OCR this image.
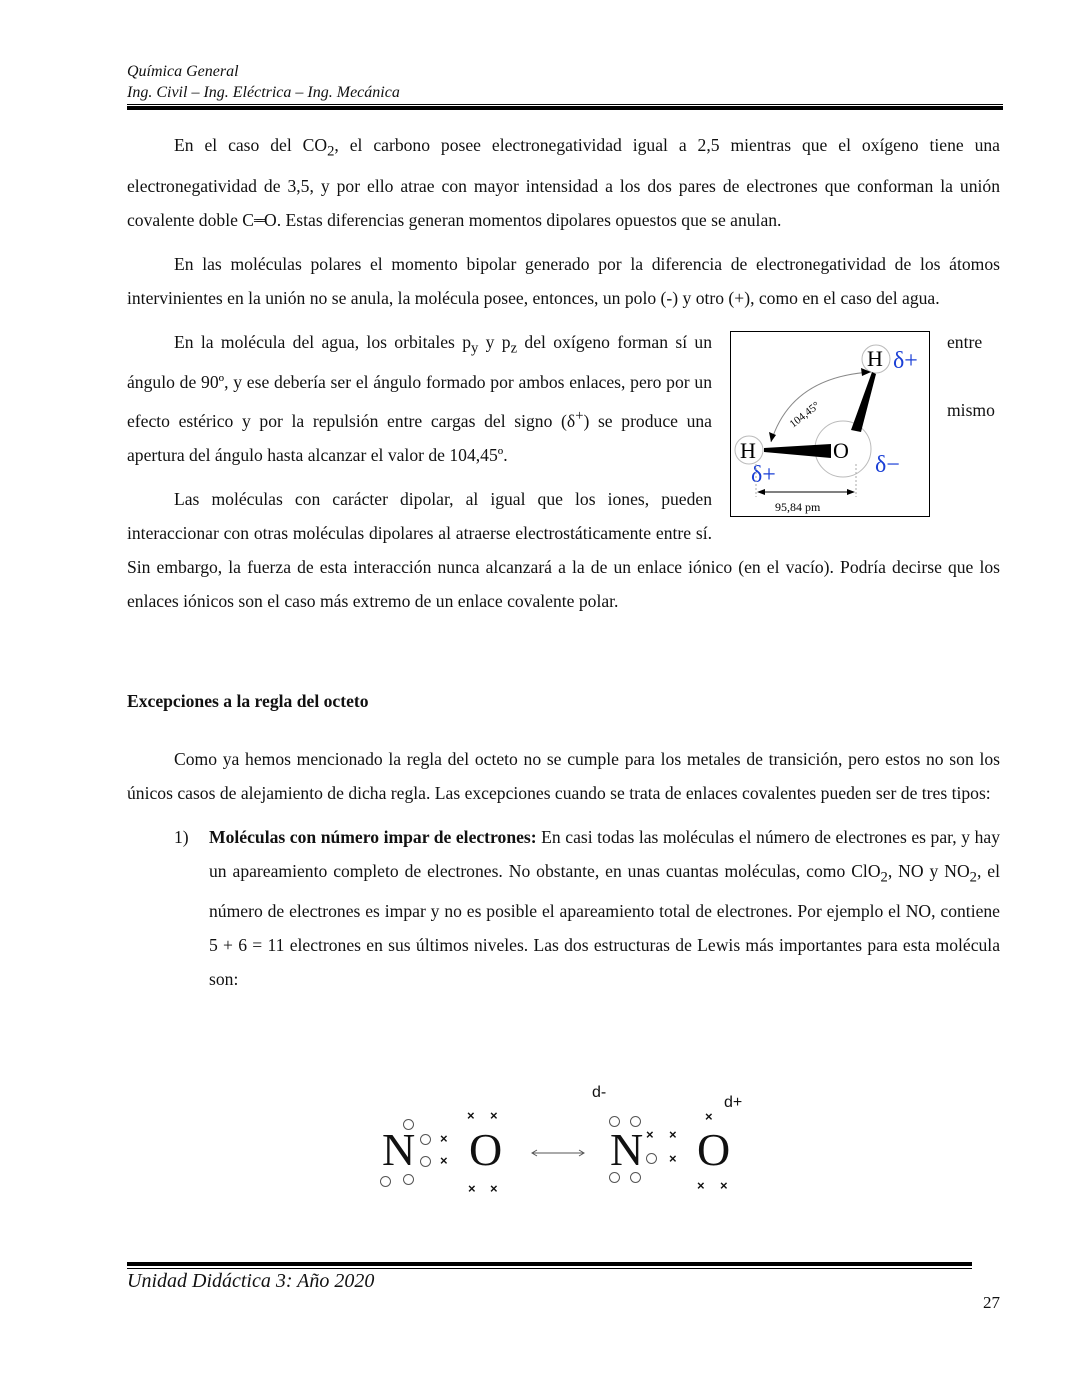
Química General
Ing. Civil – Ing. Eléctrica – Ing. Mecánica

En el caso del $CO_2$, el carbono posee electronegatividad igual a 2,5 mientras que el oxígeno tiene una electronegatividad de 3,5, y por ello atrae con mayor intensidad a los dos pares de electrones que conforman la unión covalente doble C══ O. Estas diferencias generan momentos dipolares opuestos que se anulan.

En las moléculas polares el momento bipolar generado por la diferencia de electronegatividad de los átomos intervinientes en la unión no se anula, la molécula posee, entonces, un polo (-) y otro (+), como en el caso del agua.

entre
mismo
104,45°
H
H	O
δ+
δ+	δ−
95,84 pm

En la molécula del agua, los orbitales $p_y$ y $p_z$ del oxígeno forman sí un ángulo de 90º, y ese debería ser el ángulo formado por ambos enlaces, pero por un efecto estérico y por la repulsión entre cargas del signo (δ+) se produce una apertura del ángulo hasta alcanzar el valor de 104,45º.

Las moléculas con carácter dipolar, al igual que los iones, pueden interaccionar con otras moléculas dipolares al atraerse electrostáticamente entre sí. Sin embargo, la fuerza de esta interacción nunca alcanzará a la de un enlace iónico (en el vacío). Podría decirse que los enlaces iónicos son el caso más extremo de un enlace covalente polar.

Excepciones a la regla del octeto

Como ya hemos mencionado la regla del octeto no se cumple para los metales de transición, pero estos no son los únicos casos de alejamiento de dicha regla. Las excepciones cuando se trata de enlaces covalentes pueden ser de tres tipos:

1) Moléculas con número impar de electrones: En casi todas las moléculas el número de electrones es par, y hay un apareamiento completo de electrones. No obstante, en unas cuantas moléculas, como ClO$_2$, NO y $NO_2$, el número de electrones es impar y no es posible el apareamiento total de electrones. Por ejemplo el NO, contiene 5 + 6 = 11 electrones en sus últimos niveles. Las dos estructuras de Lewis más importantes para esta molécula son:

N O
×
×
× ×
× ×
d-
d+
N O
× ×
×
×
× ×
Unidad Didáctica 3: Año 2020
27
